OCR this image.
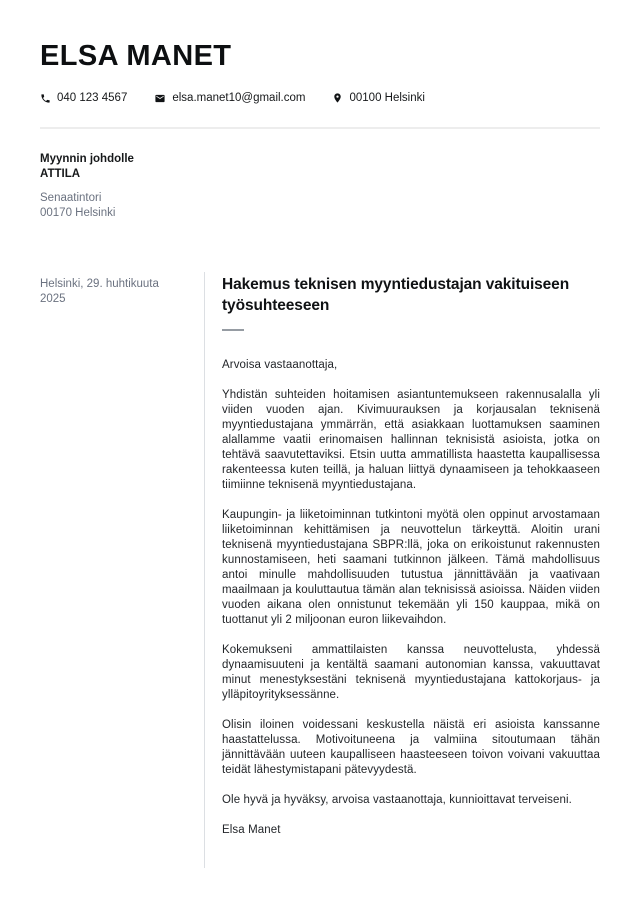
ELSA MANET
040 123 4567	elsa.manet10@gmail.com	00100 Helsinki
Myynnin johdolle
ATTILA
Senaatintori
00170 Helsinki
Helsinki, 29. huhtikuuta 2025
Hakemus teknisen myyntiedustajan vakituiseen työsuhteeseen

Arvoisa vastaanottaja,

Yhdistän suhteiden hoitamisen asiantuntemukseen rakennusalalla yli viiden vuoden ajan. Kivimuurauksen ja korjausalan teknisenä myyntiedustajana ymmärrän, että asiakkaan luottamuksen saaminen alallamme vaatii erinomaisen hallinnan teknisistä asioista, jotka on tehtävä saavutettaviksi. Etsin uutta ammatillista haastetta kaupallisessa rakenteessa kuten teillä, ja haluan liittyä dynaamiseen ja tehokkaaseen tiimiinne teknisenä myyntiedustajana.

Kaupungin- ja liiketoiminnan tutkintoni myötä olen oppinut arvostamaan liiketoiminnan kehittämisen ja neuvottelun tärkeyttä. Aloitin urani teknisenä myyntiedustajana SBPR:llä, joka on erikoistunut rakennusten kunnostamiseen, heti saamani tutkinnon jälkeen. Tämä mahdollisuus antoi minulle mahdollisuuden tutustua jännittävään ja vaativaan maailmaan ja kouluttautua tämän alan teknisissä asioissa. Näiden viiden vuoden aikana olen onnistunut tekemään yli 150 kauppaa, mikä on tuottanut yli 2 miljoonan euron liikevaihdon.

Kokemukseni ammattilaisten kanssa neuvottelusta, yhdessä dynaamisuuteni ja kentältä saamani autonomian kanssa, vakuuttavat minut menestyksestäni teknisenä myyntiedustajana kattokorjaus- ja ylläpitoyrityksessänne.

Olisin iloinen voidessani keskustella näistä eri asioista kanssanne haastattelussa. Motivoituneena ja valmiina sitoutumaan tähän jännittävään uuteen kaupalliseen haasteeseen toivon voivani vakuuttaa teidät lähestymistapani pätevyydestä.

Ole hyvä ja hyväksy, arvoisa vastaanottaja, kunnioittavat terveiseni.

Elsa Manet
